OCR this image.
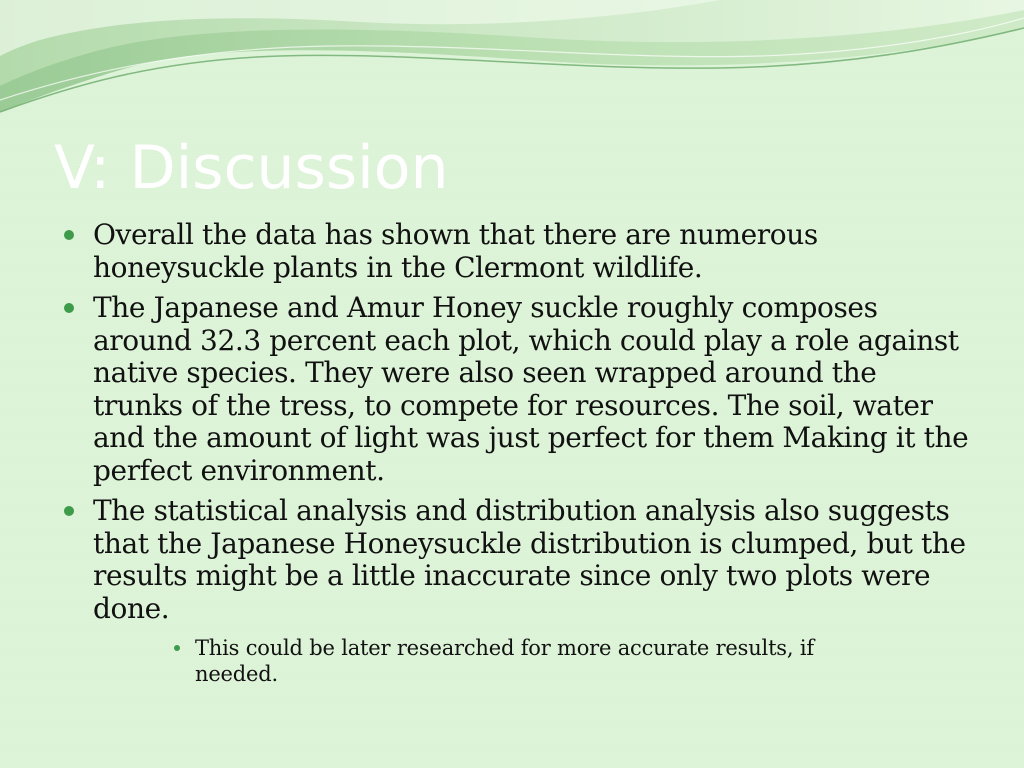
V: Discussion
Overall the data has shown that there are numerous honeysuckle plants in the Clermont wildlife.
The Japanese and Amur Honey suckle roughly composes around 32.3 percent each plot, which could play a role against native species. They were also seen wrapped around the trunks of the tress, to compete for resources. The soil, water and the amount of light was just perfect for them Making it the perfect environment.
The statistical analysis and distribution analysis also suggests that the Japanese Honeysuckle distribution is clumped, but the results might be a little inaccurate since only two plots were done.
This could be later researched for more accurate results, if needed.
